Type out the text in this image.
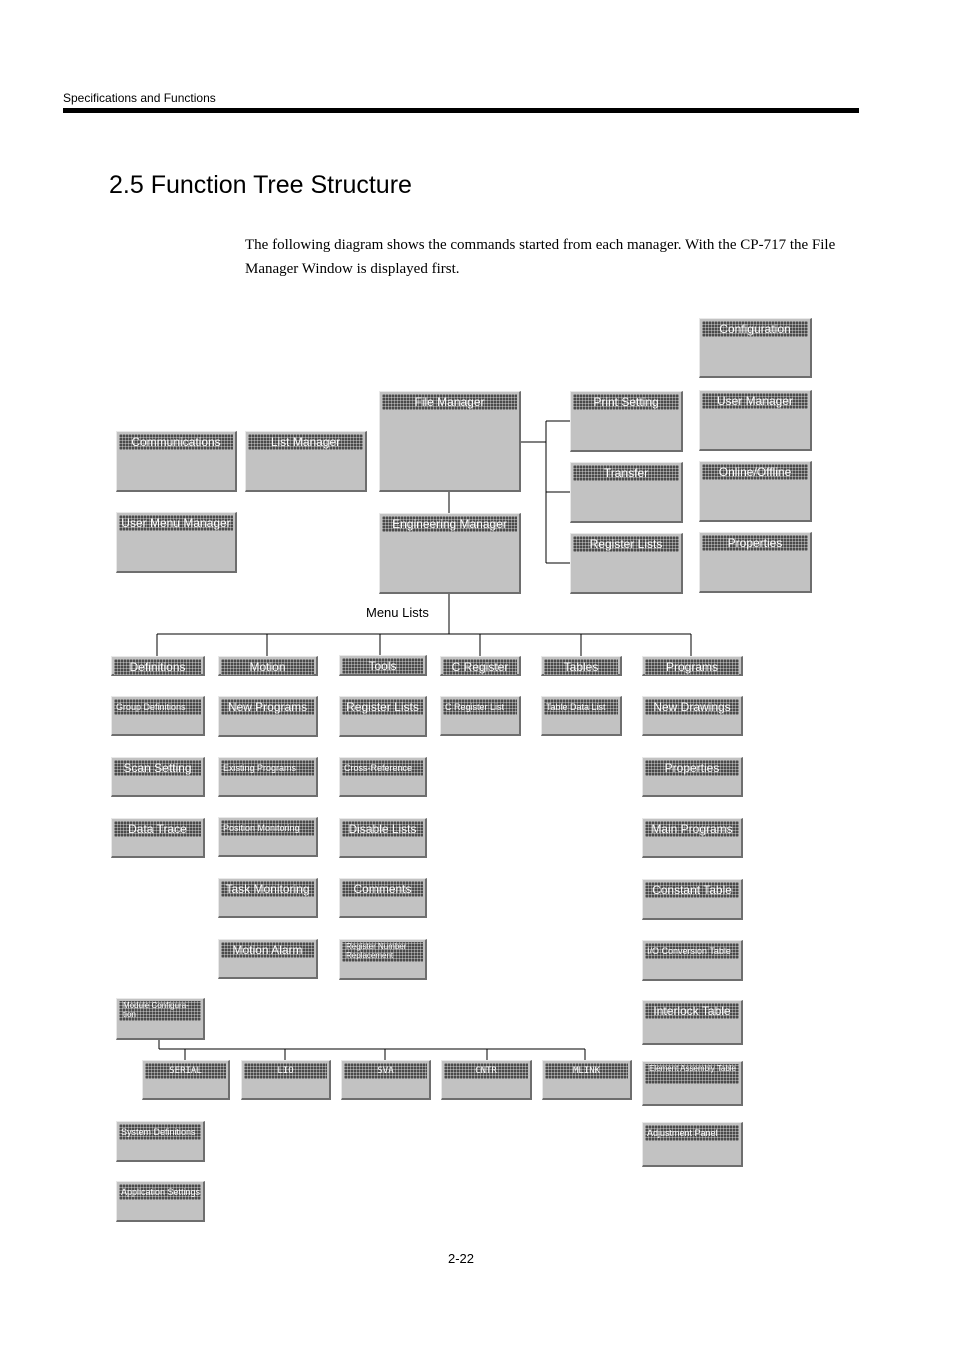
Specifications and Functions
2.5 Function Tree Structure
The following diagram shows the commands started from each manager. With the CP-717 the File Manager Window is displayed first.
Menu Lists
Communications	List Manager
File Manager
User Menu Manager	Engineering Manager
Print Setting
Transfer
Register Lists
Configuration
User Manager
Online/Offline
Properties
Definitions	Motion	Tools	C Register	Tables	Programs
Group Definitions
Scan Setting
Data Trace
Module Configura-tion
System Definitions
Application Settings
SERIAL	LIO	SVA	CNTR	MLINK
New Programs
Existing Programs
Position Monitoring
Task Monitoring
Motion Alarm
Register Lists
Cross-Reference
Disable Lists
Comments
Register Number Replacement
C Register List	Table Data List	New Drawings
Properties
Main Programs
Constant Table
I/O Conversion Table
Interlock Table
Element Assembly Table
Adjustment Panel
2-22
